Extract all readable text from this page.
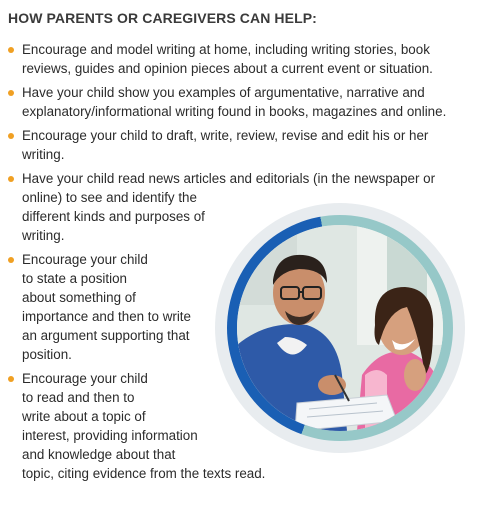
HOW PARENTS OR CAREGIVERS CAN HELP:
Encourage and model writing at home, including writing stories, book
reviews, guides and opinion pieces about a current event or situation.
Have your child show you examples of argumentative, narrative and
explanatory/informational writing found in books, magazines and online.
Encourage your child to draft, write, review, revise and edit his or her
writing.
Have your child read news articles and editorials (in the newspaper or
online) to see and identify the
different kinds and purposes of
writing.
Encourage your child
to state a position
about something of
importance and then to write
an argument supporting that
position.
Encourage your child
to read and then to
write about a topic of
interest, providing information
and knowledge about that
topic, citing evidence from the texts read.
